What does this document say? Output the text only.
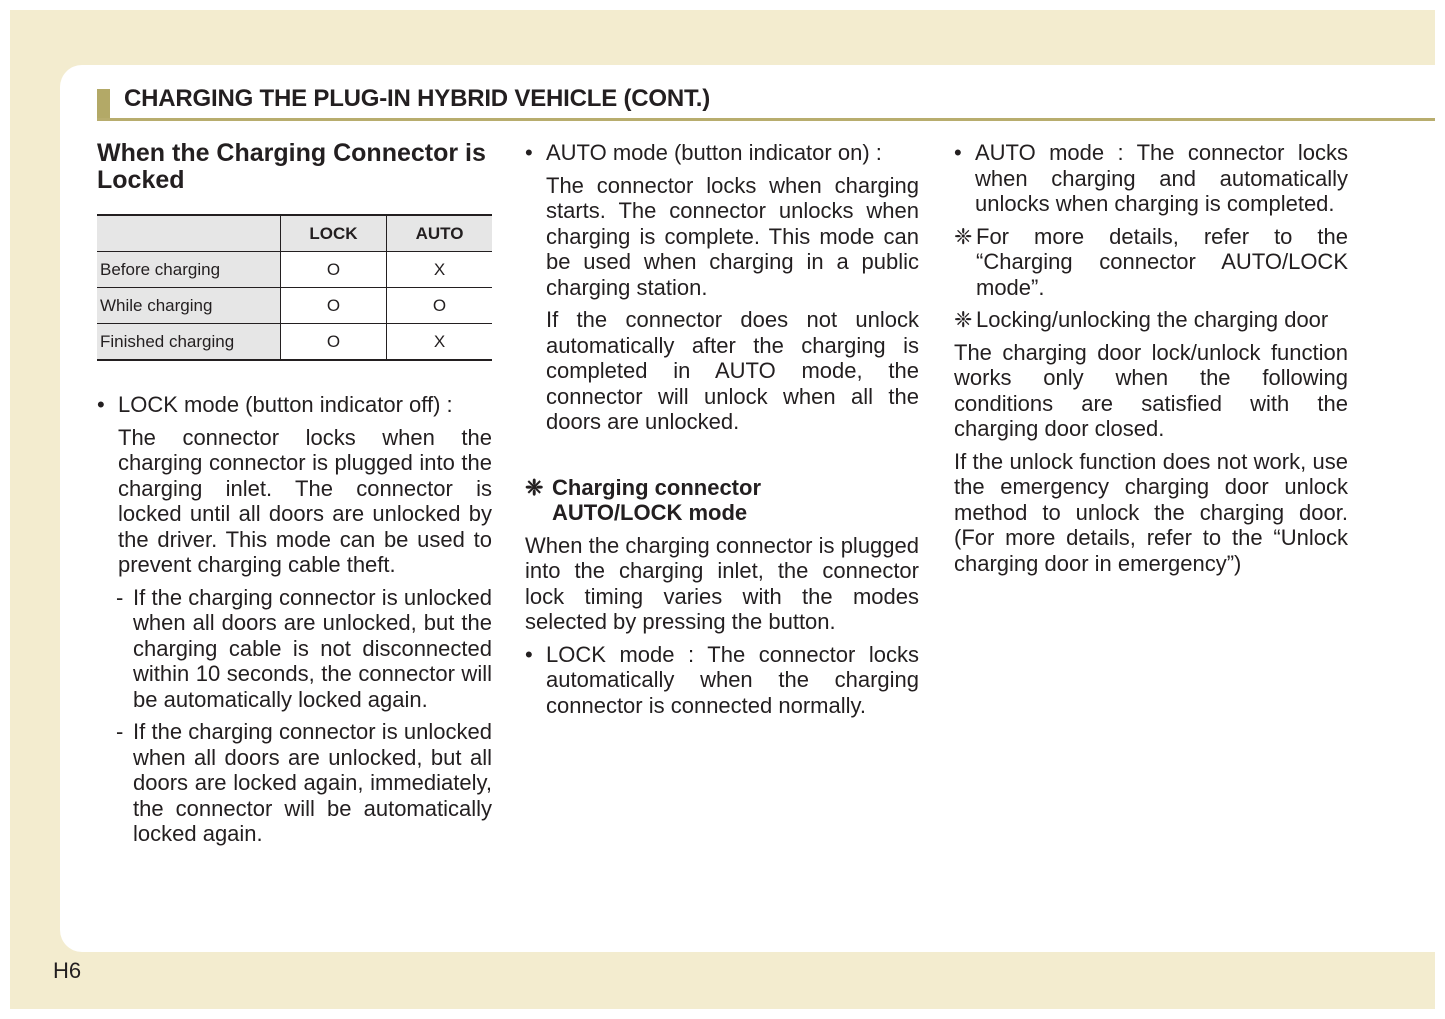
CHARGING THE PLUG-IN HYBRID VEHICLE (CONT.)
When the Charging Connector is Locked
	LOCK	AUTO
Before charging	O	X
While charging	O	O
Finished charging	O	X
• LOCK mode (button indicator off) :
The connector locks when the charging connector is plugged into the charging inlet. The connector is locked until all doors are unlocked by the driver. This mode can be used to prevent charging cable theft.
- If the charging connector is unlocked when all doors are unlocked, but the charging cable is not disconnected within 10 seconds, the connector will be automatically locked again.
- If the charging connector is unlocked when all doors are unlocked, but all doors are locked again, immediately, the connector will be automatically locked again.
• AUTO mode (button indicator on) :
The connector locks when charging starts. The connector unlocks when charging is complete. This mode can be used when charging in a public charging station.
If the connector does not unlock automatically after the charging is completed in AUTO mode, the connector will unlock when all the doors are unlocked.
❈ Charging connector
AUTO/LOCK mode
When the charging connector is plugged into the charging inlet, the connector lock timing varies with the modes selected by pressing the button.
• LOCK mode : The connector locks automatically when the charging connector is connected normally.
• AUTO mode : The connector locks when charging and automatically unlocks when charging is completed.
❈ For more details, refer to the “Charging connector AUTO/LOCK mode”.
❈ Locking/unlocking the charging door
The charging door lock/unlock function works only when the following conditions are satisfied with the charging door closed.
If the unlock function does not work, use the emergency charging door unlock method to unlock the charging door. (For more details, refer to the “Unlock charging door in emergency”)
H6
